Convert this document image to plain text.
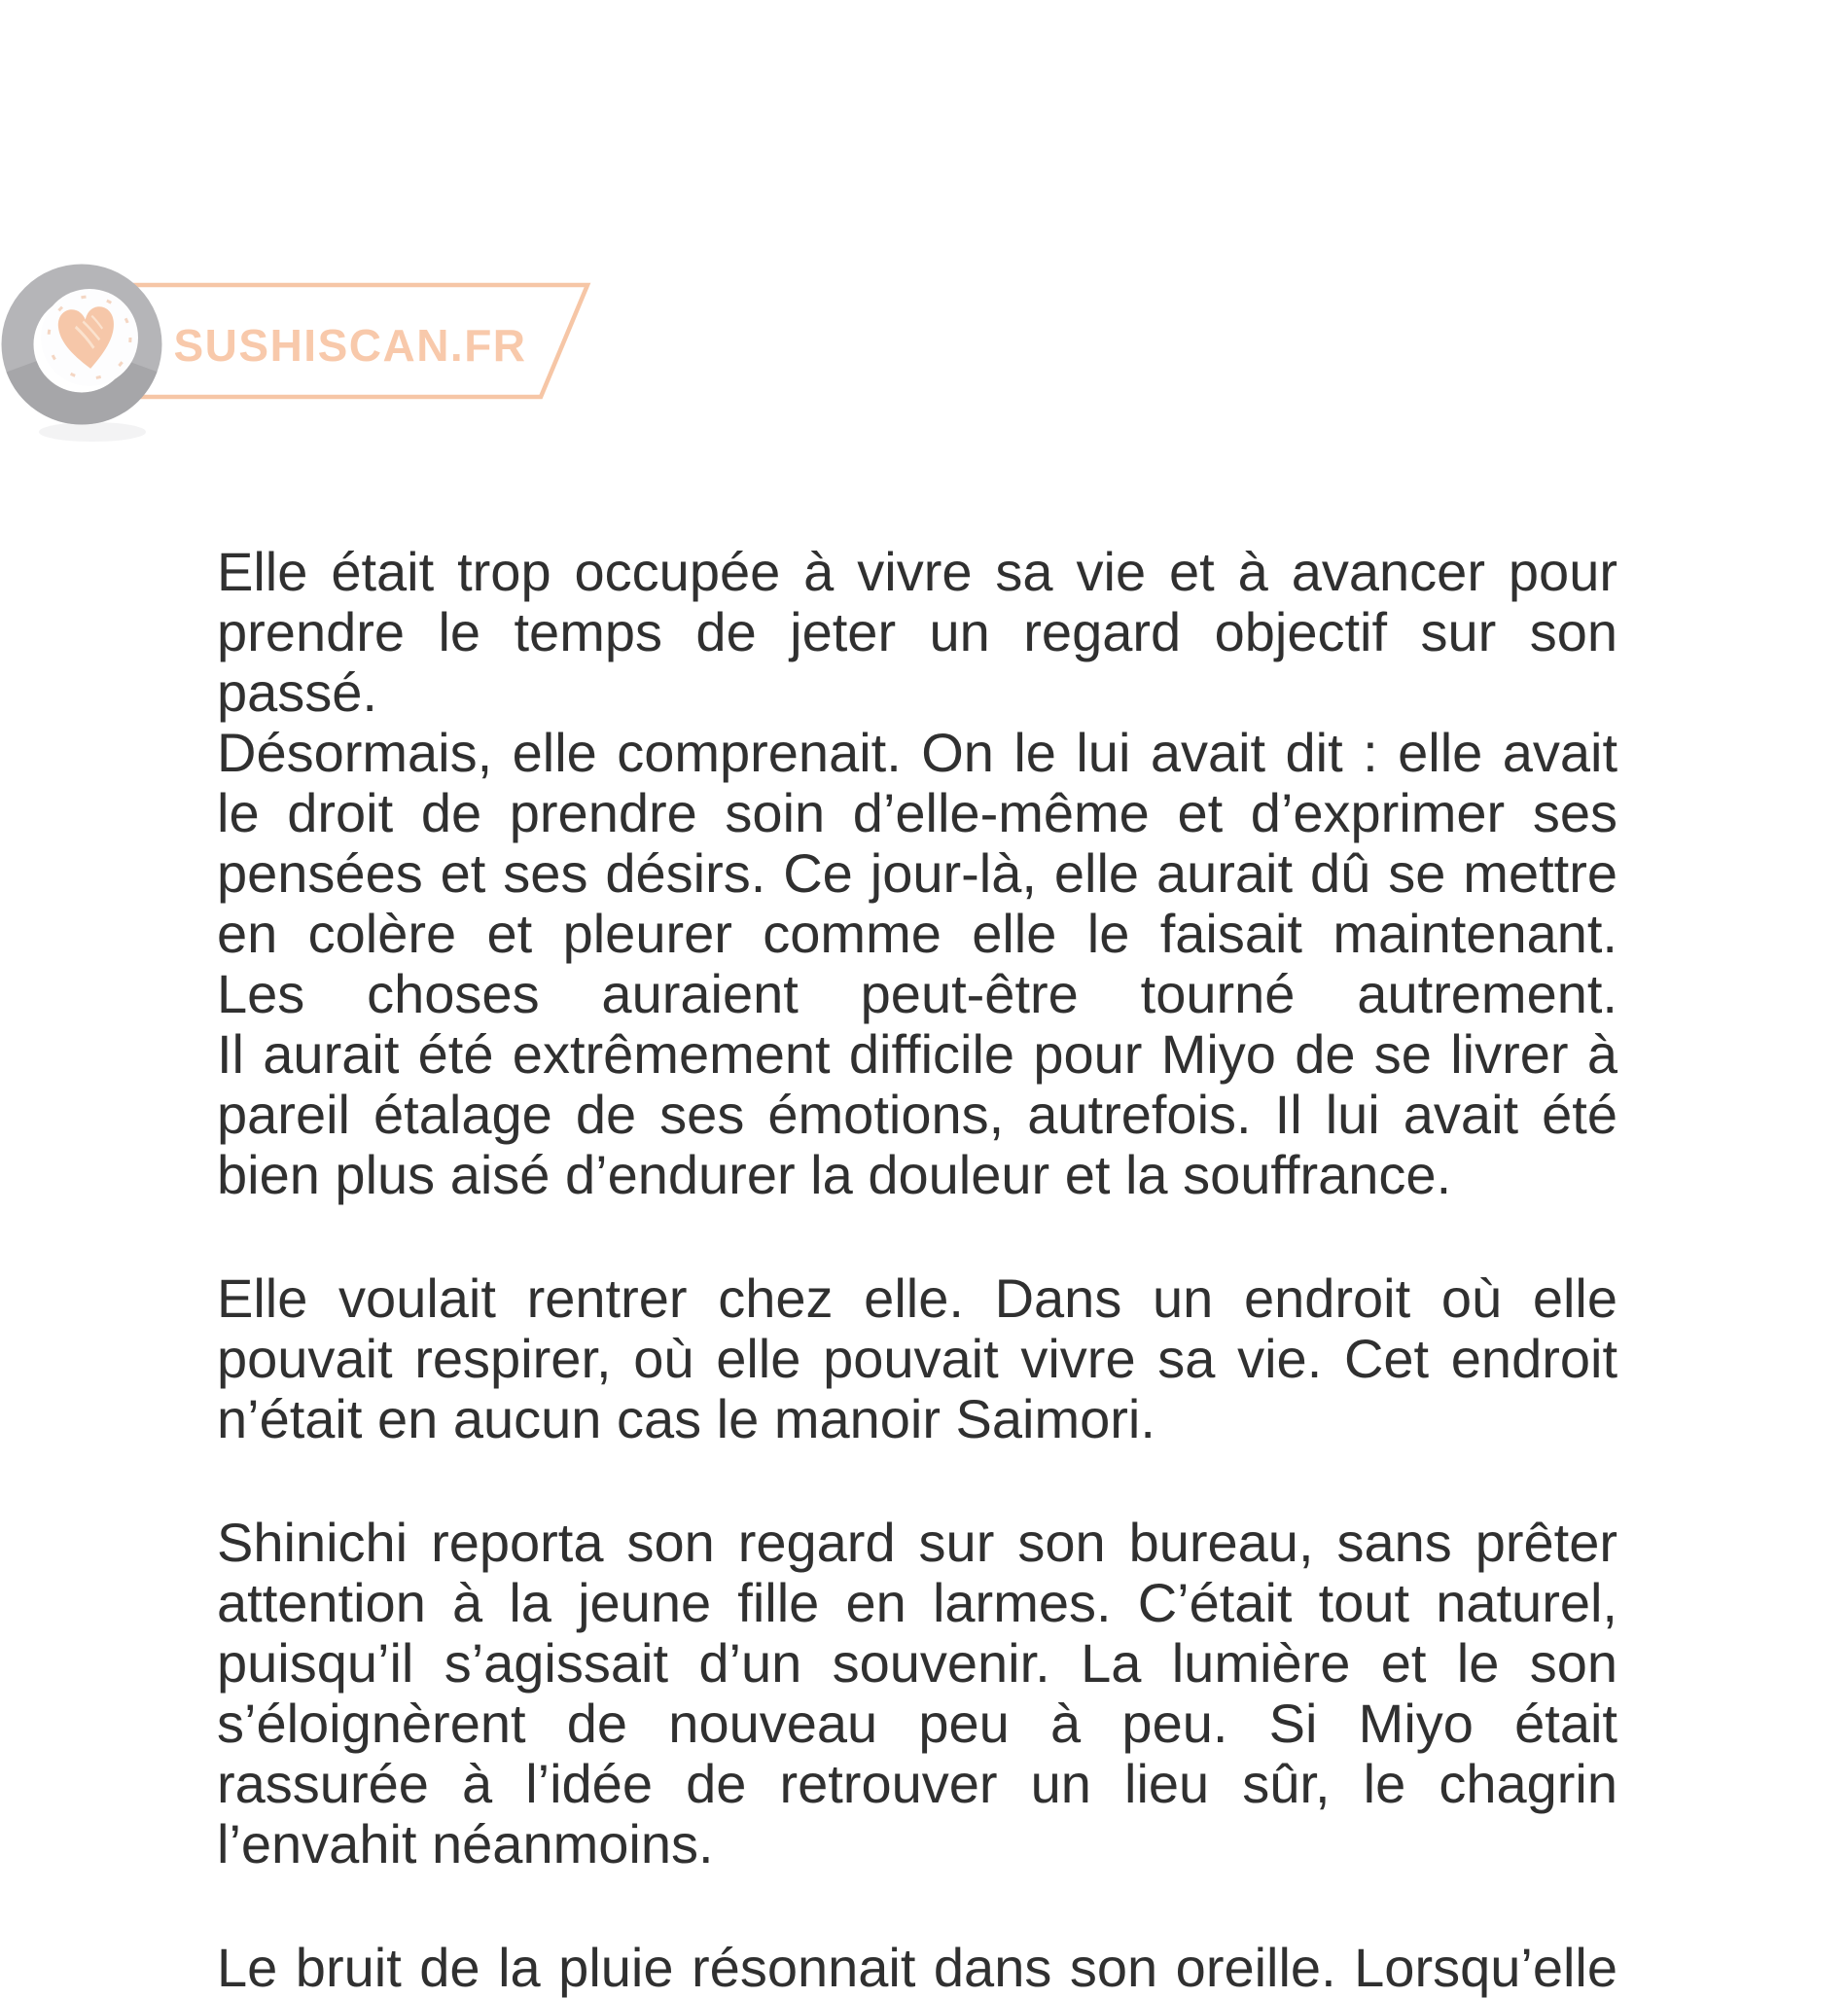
SUSHISCAN.FR
Elle était trop occupée à vivre sa vie et à avancer pour
prendre le temps de jeter un regard objectif sur son passé.
Désormais, elle comprenait. On le lui avait dit : elle avait
le droit de prendre soin d’elle-même et d’exprimer ses
pensées et ses désirs. Ce jour-là, elle aurait dû se mettre
en colère et pleurer comme elle le faisait maintenant.
Les choses auraient peut-être tourné autrement.
Il aurait été extrêmement difficile pour Miyo de se livrer à
pareil étalage de ses émotions, autrefois. Il lui avait été
bien plus aisé d’endurer la douleur et la souffrance.
Elle voulait rentrer chez elle. Dans un endroit où elle
pouvait respirer, où elle pouvait vivre sa vie. Cet endroit
n’était en aucun cas le manoir Saimori.
Shinichi reporta son regard sur son bureau, sans prêter
attention à la jeune fille en larmes. C’était tout naturel,
puisqu’il s’agissait d’un souvenir. La lumière et le son
s’éloignèrent de nouveau peu à peu. Si Miyo était
rassurée à l’idée de retrouver un lieu sûr, le chagrin
l’envahit néanmoins.
Le bruit de la pluie résonnait dans son oreille. Lorsqu’elle
